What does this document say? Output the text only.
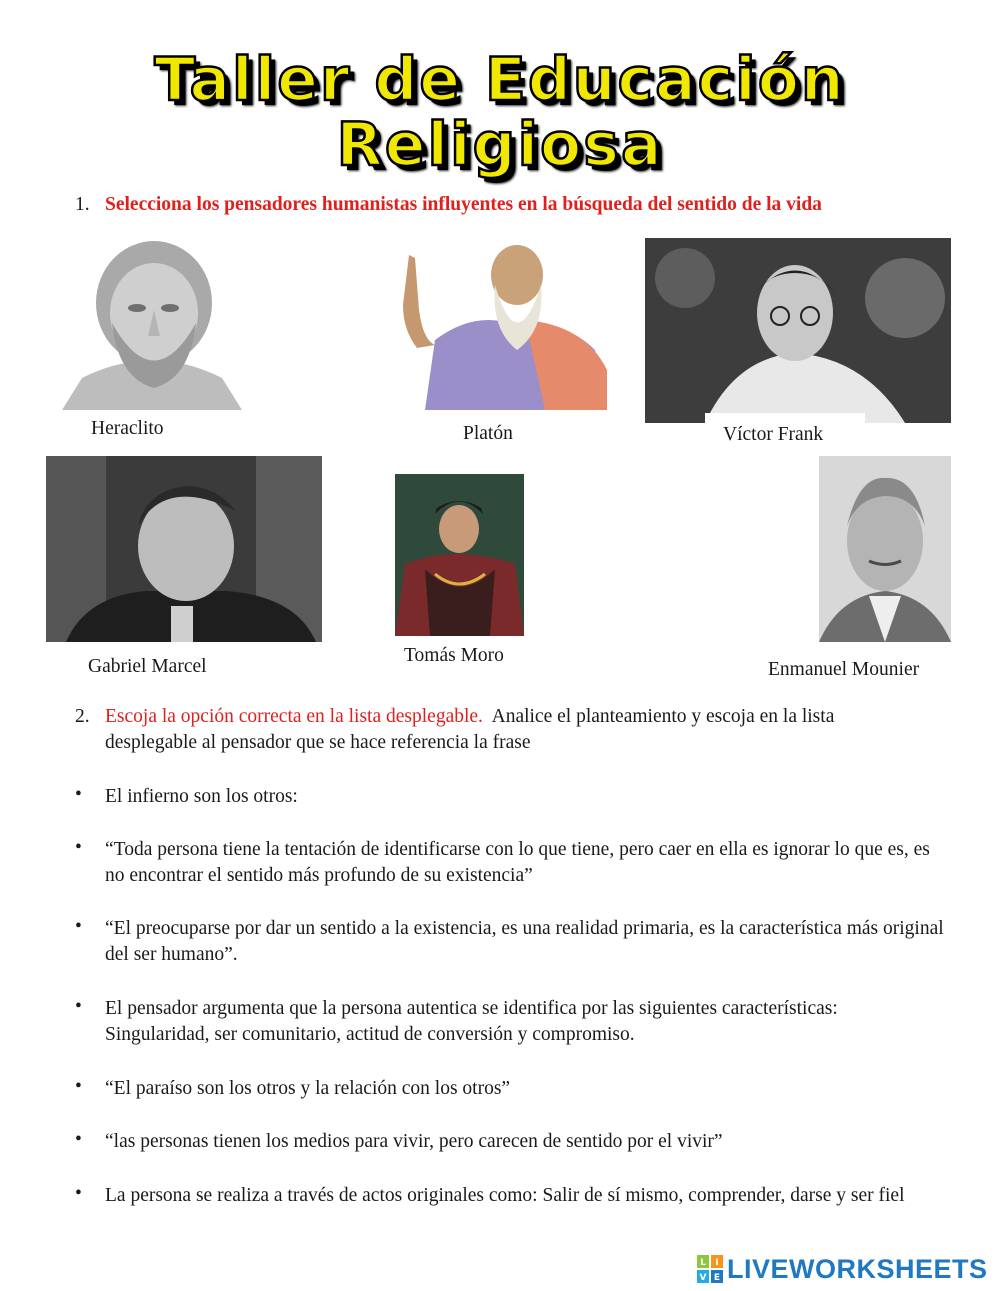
Taller de Educación
Religiosa
1. Selecciona los pensadores humanistas influyentes en la búsqueda del sentido de la vida
Heraclito	Platón	Víctor Frank
Gabriel Marcel
Tomás Moro
Enmanuel Mounier
2. Escoja la opción correcta en la lista desplegable. Analice el planteamiento y escoja en la lista
desplegable al pensador que se hace referencia la frase
• El infierno son los otros:
• “Toda persona tiene la tentación de identificarse con lo que tiene, pero caer en ella es ignorar lo que es, es no encontrar el sentido más profundo de su existencia”
• “El preocuparse por dar un sentido a la existencia, es una realidad primaria, es la característica más original del ser humano”.
• El pensador argumenta que la persona autentica se identifica por las siguientes características: Singularidad, ser comunitario, actitud de conversión y compromiso.
• “El paraíso son los otros y la relación con los otros”
• “las personas tienen los medios para vivir, pero carecen de sentido por el vivir”
• La persona se realiza a través de actos originales como: Salir de sí mismo, comprender, darse y ser fiel
L I
V E LIVEWORKSHEETS
